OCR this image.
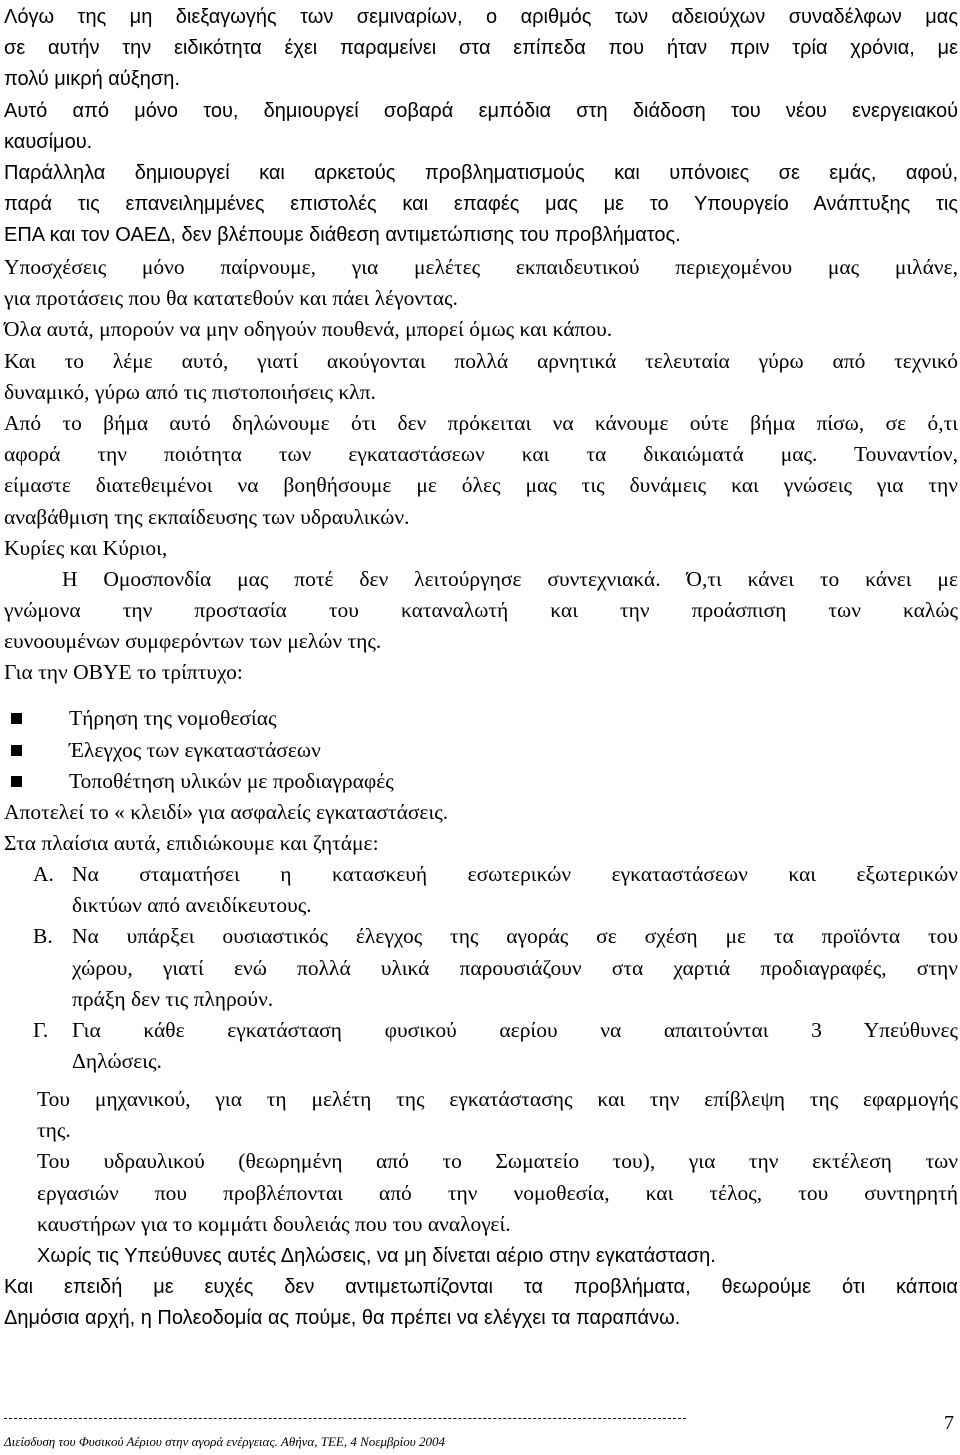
Λόγω της μη διεξαγωγής των σεμιναρίων, ο αριθμός των αδειούχων συναδέλφων μας
σε αυτήν την ειδικότητα έχει παραμείνει στα επίπεδα που ήταν πριν τρία χρόνια, με
πολύ μικρή αύξηση.
Αυτό από μόνο του, δημιουργεί σοβαρά εμπόδια στη διάδοση του νέου ενεργειακού
καυσίμου.
Παράλληλα δημιουργεί και αρκετούς προβληματισμούς και υπόνοιες σε εμάς, αφού,
παρά τις επανειλημμένες επιστολές και επαφές μας με το Υπουργείο Ανάπτυξης τις
ΕΠΑ και τον ΟΑΕΔ, δεν βλέπουμε διάθεση αντιμετώπισης του προβλήματος.
Υποσχέσεις μόνο παίρνουμε, για μελέτες εκπαιδευτικού περιεχομένου μας μιλάνε,
για προτάσεις που θα κατατεθούν και πάει λέγοντας.
Όλα αυτά, μπορούν να μην οδηγούν πουθενά, μπορεί όμως και κάπου.
Και το λέμε αυτό, γιατί ακούγονται πολλά αρνητικά τελευταία γύρω από τεχνικό
δυναμικό, γύρω από τις πιστοποιήσεις κλπ.
Από το βήμα αυτό δηλώνουμε ότι δεν πρόκειται να κάνουμε ούτε βήμα πίσω, σε ό,τι
αφορά την ποιότητα των εγκαταστάσεων και τα δικαιώματά μας. Τουναντίον,
είμαστε διατεθειμένοι να βοηθήσουμε με όλες μας τις δυνάμεις και γνώσεις για την
αναβάθμιση της εκπαίδευσης των υδραυλικών.
Κυρίες και Κύριοι,
Η Ομοσπονδία μας ποτέ δεν λειτούργησε συντεχνιακά. Ό,τι κάνει το κάνει με
γνώμονα την προστασία του καταναλωτή και την προάσπιση των καλώς
ευνοουμένων συμφερόντων των μελών της.
Για την ΟΒΥΕ το τρίπτυχο:
Τήρηση της νομοθεσίας
Έλεγχος των εγκαταστάσεων
Τοποθέτηση υλικών με προδιαγραφές
Αποτελεί το « κλειδί» για ασφαλείς εγκαταστάσεις.
Στα πλαίσια αυτά, επιδιώκουμε και ζητάμε:
Α. Να σταματήσει η κατασκευή εσωτερικών εγκαταστάσεων και εξωτερικών
δικτύων από ανειδίκευτους.
Β. Να υπάρξει ουσιαστικός έλεγχος της αγοράς σε σχέση με τα προϊόντα του
χώρου, γιατί ενώ πολλά υλικά παρουσιάζουν στα χαρτιά προδιαγραφές, στην
πράξη δεν τις πληρούν.
Γ. Για κάθε εγκατάσταση φυσικού αερίου να απαιτούνται 3 Υπεύθυνες
Δηλώσεις.
Του μηχανικού, για τη μελέτη της εγκατάστασης και την επίβλεψη της εφαρμογής
της.
Του υδραυλικού (θεωρημένη από το Σωματείο του), για την εκτέλεση των
εργασιών που προβλέπονται από την νομοθεσία, και τέλος, του συντηρητή
καυστήρων για το κομμάτι δουλειάς που του αναλογεί.
Χωρίς τις Υπεύθυνες αυτές Δηλώσεις, να μη δίνεται αέριο στην εγκατάσταση.
Και επειδή με ευχές δεν αντιμετωπίζονται τα προβλήματα, θεωρούμε ότι κάποια
Δημόσια αρχή, η Πολεοδομία ας πούμε, θα πρέπει να ελέγχει τα παραπάνω.
Διείσδυση του Φυσικού Αέριου στην αγορά ενέργειας. Αθήνα, ΤΕΕ, 4 Νοεμβρίου 2004
7
